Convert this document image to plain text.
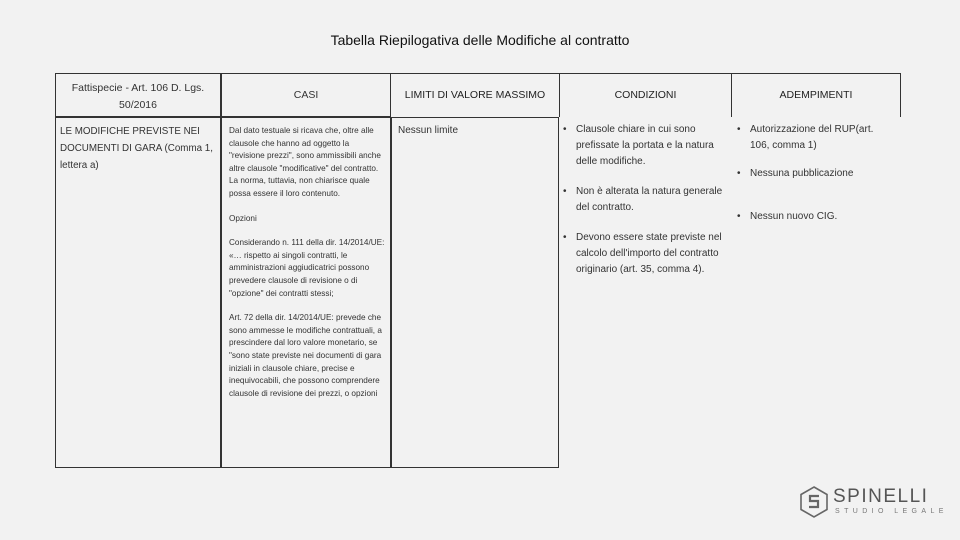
Tabella Riepilogativa delle Modifiche al contratto
Fattispecie - Art. 106 D. Lgs. 50/2016
CASI	LIMITI DI VALORE MASSIMO	CONDIZIONI	ADEMPIMENTI
LE MODIFICHE PREVISTE NEI DOCUMENTI DI GARA (Comma 1, lettera a)

Dal dato testuale si ricava che, oltre alle clausole che hanno ad oggetto la "revisione prezzi", sono ammissibili anche altre clausole "modificative" del contratto. La norma, tuttavia, non chiarisce quale possa essere il loro contenuto.

Opzioni

Considerando n. 111 della dir. 14/2014/UE: «… rispetto ai singoli contratti, le amministrazioni aggiudicatrici possono prevedere clausole di revisione o di "opzione" dei contratti stessi;

Art. 72 della dir. 14/2014/UE: prevede che sono ammesse le modifiche contrattuali, a prescindere dal loro valore monetario, se "sono state previste nei documenti di gara iniziali in clausole chiare, precise e inequivocabili, che possono comprendere clausole di revisione dei prezzi, o opzioni

Nessun limite
•	Clausole chiare in cui sono prefissate la portata e la natura delle modifiche.
• Non è alterata la natura generale del contratto.
• Devono essere state previste nel calcolo dell'importo del contratto originario (art. 35, comma 4).
• Autorizzazione del RUP(art. 106, comma 1)
• Nessuna pubblicazione
• Nessun nuovo CIG.
SPINELLI
STUDIO LEGALE
